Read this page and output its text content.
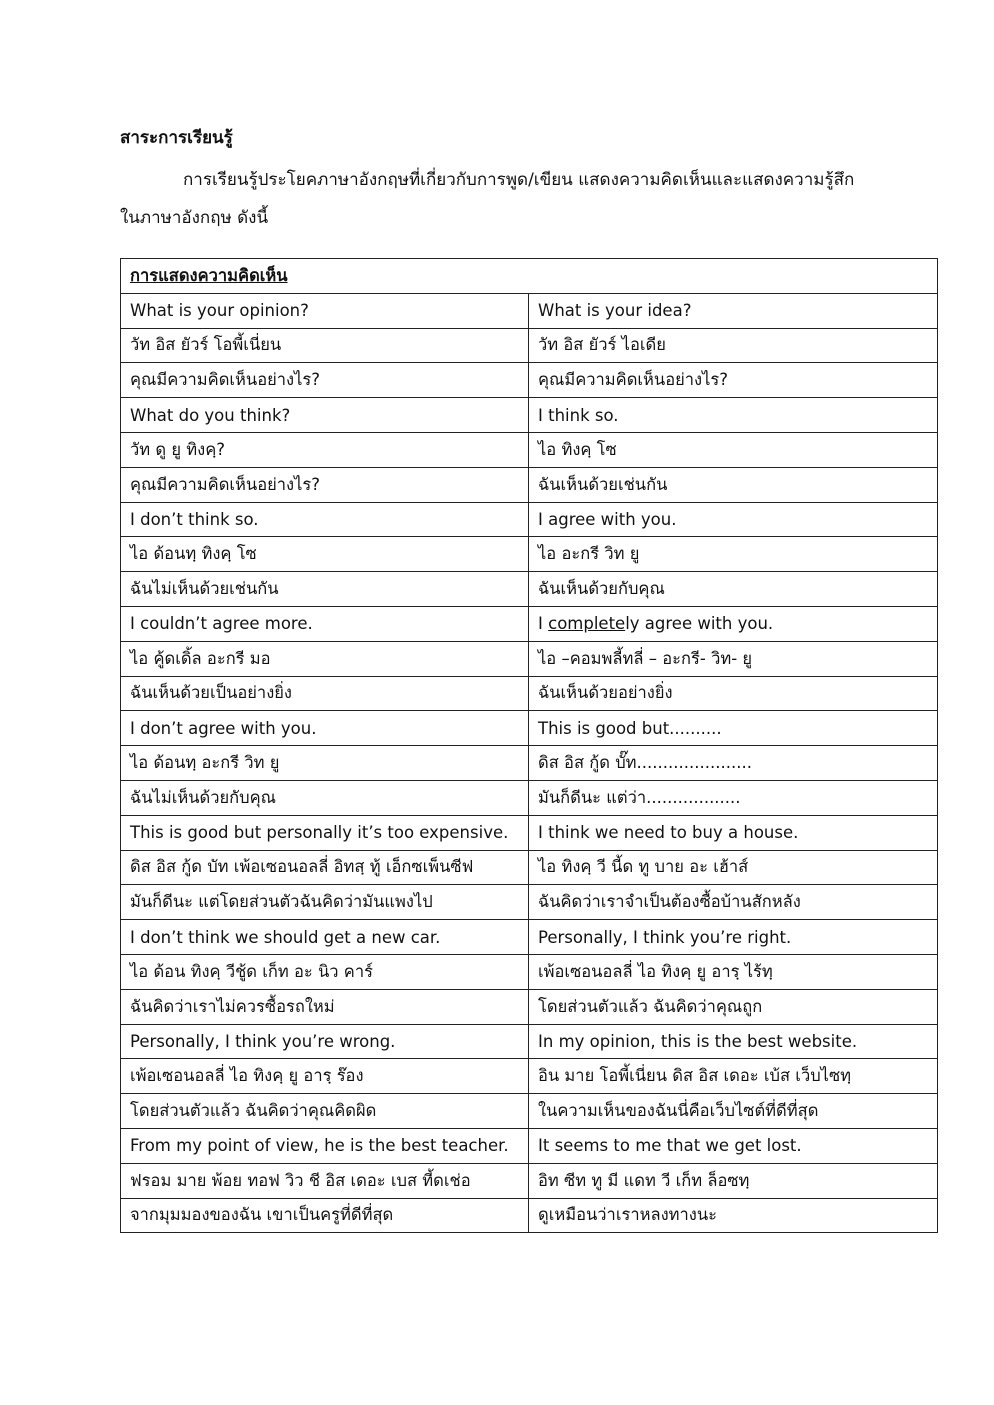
สาระการเรียนรู้

การเรียนรู้ประโยคภาษาอังกฤษที่เกี่ยวกับการพูด/เขียน แสดงความคิดเห็นและแสดงความรู้สึก

ในภาษาอังกฤษ ดังนี้

การแสดงความคิดเห็น	
What is your opinion?	What is your idea?
วัท อิส ยัวร์ โอพี้เนี่ยน	วัท อิส ยัวร์ ไอเดีย
คุณมีความคิดเห็นอย่างไร?	คุณมีความคิดเห็นอย่างไร?
What do you think?	I think so.
วัท ดู ยู ทิงคฺ?	ไอ ทิงคฺ โซ
คุณมีความคิดเห็นอย่างไร?	ฉันเห็นด้วยเช่นกัน
I don’t think so.	I agree with you.
ไอ ด้อนทฺ ทิงคฺ โซ	ไอ อะกรี วิท ยู
ฉันไม่เห็นด้วยเช่นกัน	ฉันเห็นด้วยกับคุณ
I couldn’t agree more.	I completely agree with you.
ไอ คู้ดเดิ้ล อะกรี มอ	ไอ –คอมพลี้ทลี่ – อะกรี- วิท- ยู
ฉันเห็นด้วยเป็นอย่างยิ่ง	ฉันเห็นด้วยอย่างยิ่ง
I don’t agree with you.	This is good but..........
ไอ ด้อนทฺ อะกรี วิท ยู	ดิส อิส กู้ด บั๊ท......................
ฉันไม่เห็นด้วยกับคุณ	มันก็ดีนะ แต่ว่า..................
This is good but personally it’s too expensive.	I think we need to buy a house.
ดิส อิส กู้ด บัท เพ้อเซอนอลลี่ อิทสฺ ทู้ เอ็กซเพ็นซีฟ	ไอ ทิงคฺ วี นี้ด ทู บาย อะ เฮ้าส์
มันก็ดีนะ แต่โดยส่วนตัวฉันคิดว่ามันแพงไป	ฉันคิดว่าเราจำเป็นต้องซื้อบ้านสักหลัง
I don’t think we should get a new car.	Personally, I think you’re right.
ไอ ด้อน ทิงคฺ วีชู้ด เก็ท อะ นิว คาร์	เพ้อเซอนอลลี่ ไอ ทิงคฺ ยู อารฺ ไร้ทฺ
ฉันคิดว่าเราไม่ควรซื้อรถใหม่	โดยส่วนตัวแล้ว ฉันคิดว่าคุณถูก
Personally, I think you’re wrong.	In my opinion, this is the best website.
เพ้อเซอนอลลี่ ไอ ทิงคฺ ยู อารฺ ร๊อง	อิน มาย โอพี้เนี่ยน ดิส อิส เดอะ เบ้ส เว็บไซทฺ
โดยส่วนตัวแล้ว ฉันคิดว่าคุณคิดผิด	ในความเห็นของฉันนี่คือเว็บไซต์ที่ดีที่สุด
From my point of view, he is the best teacher.	It seems to me that we get lost.
ฟรอม มาย พ้อย ทอฟ วิว ชี อิส เดอะ เบส ที้ดเช่อ	อิท ซีท ทู มี แดท วี เก็ท ล็อซทฺ
จากมุมมองของฉัน เขาเป็นครูที่ดีที่สุด	ดูเหมือนว่าเราหลงทางนะ
